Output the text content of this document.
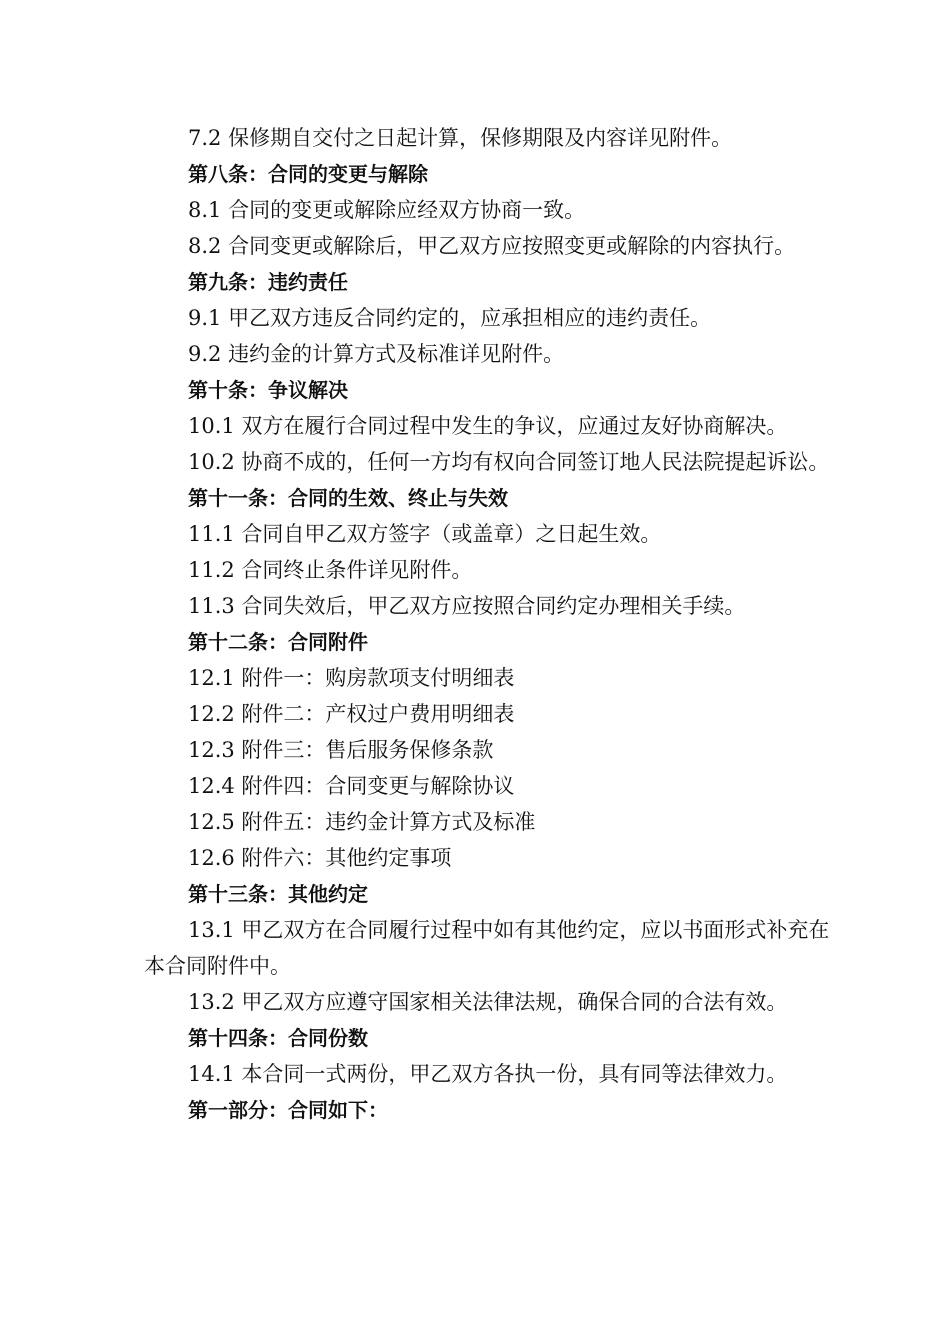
7.2 保修期自交付之日起计算，保修期限及内容详见附件。

第八条：合同的变更与解除

8.1 合同的变更或解除应经双方协商一致。

8.2 合同变更或解除后，甲乙双方应按照变更或解除的内容执行。

第九条：违约责任

9.1 甲乙双方违反合同约定的，应承担相应的违约责任。

9.2 违约金的计算方式及标准详见附件。

第十条：争议解决

10.1 双方在履行合同过程中发生的争议，应通过友好协商解决。

10.2 协商不成的，任何一方均有权向合同签订地人民法院提起诉讼。

第十一条：合同的生效、终止与失效

11.1 合同自甲乙双方签字（或盖章）之日起生效。

11.2 合同终止条件详见附件。

11.3 合同失效后，甲乙双方应按照合同约定办理相关手续。

第十二条：合同附件

12.1 附件一：购房款项支付明细表

12.2 附件二：产权过户费用明细表

12.3 附件三：售后服务保修条款

12.4 附件四：合同变更与解除协议

12.5 附件五：违约金计算方式及标准

12.6 附件六：其他约定事项

第十三条：其他约定

13.1 甲乙双方在合同履行过程中如有其他约定，应以书面形式补充在本合同附件中。

13.2 甲乙双方应遵守国家相关法律法规，确保合同的合法有效。

第十四条：合同份数

14.1 本合同一式两份，甲乙双方各执一份，具有同等法律效力。

第一部分：合同如下：
